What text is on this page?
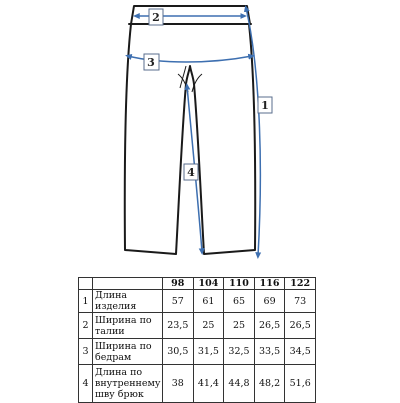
1
2
3
4
		98	104	110	116	122
1	Длина изделия	57	61	65	69	73
2	Ширина по талии	23,5	25	25	26,5	26,5
3	Ширина по бедрам	30,5	31,5	32,5	33,5	34,5
4	Длина по внутреннему шву брюк	38	41,4	44,8	48,2	51,6
